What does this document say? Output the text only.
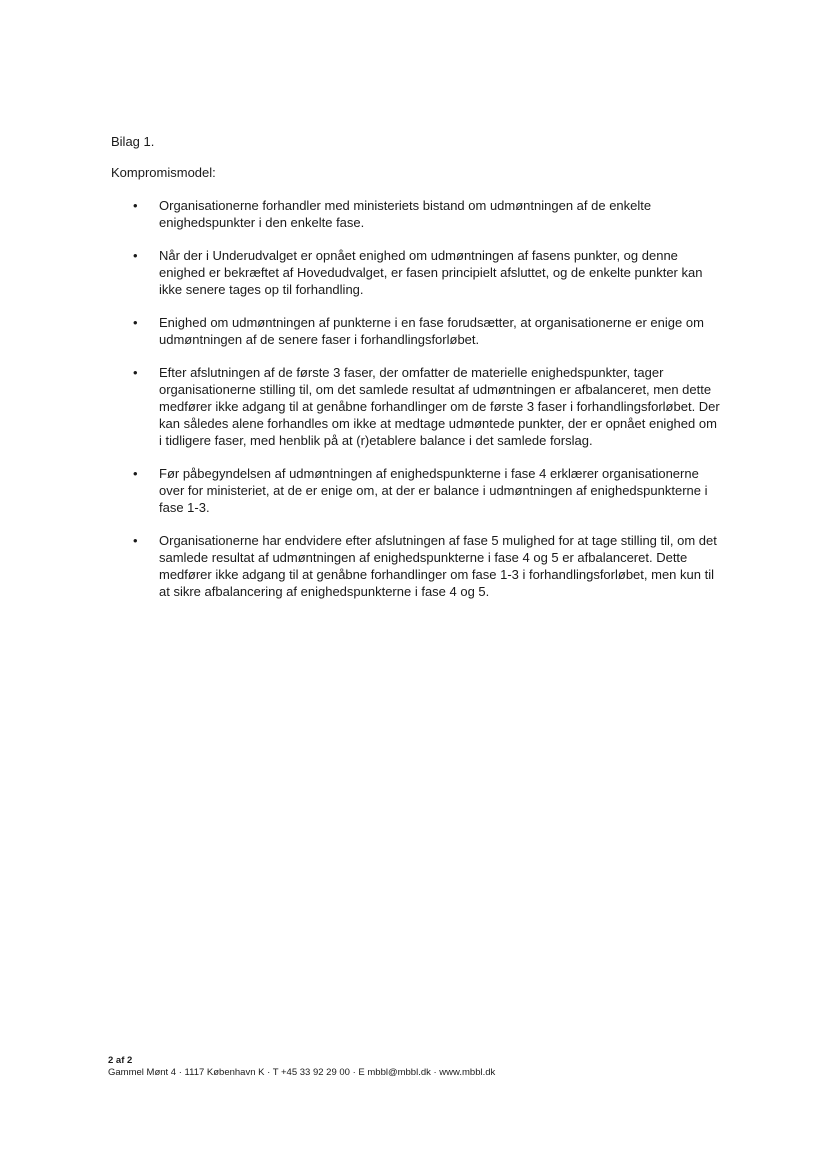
Bilag 1.

Kompromismodel:

• Organisationerne forhandler med ministeriets bistand om udmøntningen af de enkelte enighedspunkter i den enkelte fase.
• Når der i Underudvalget er opnået enighed om udmøntningen af fasens punkter, og denne enighed er bekræftet af Hovedudvalget, er fasen principielt afsluttet, og de enkelte punkter kan ikke senere tages op til forhandling.
• Enighed om udmøntningen af punkterne i en fase forudsætter, at organisationerne er enige om udmøntningen af de senere faser i forhandlingsforløbet.
• Efter afslutningen af de første 3 faser, der omfatter de materielle enighedspunkter, tager organisationerne stilling til, om det samlede resultat af udmøntningen er afbalanceret, men dette medfører ikke adgang til at genåbne forhandlinger om de første 3 faser i forhandlingsforløbet. Der kan således alene forhandles om ikke at medtage udmøntede punkter, der er opnået enighed om i tidligere faser, med henblik på at (r)etablere balance i det samlede forslag.
• Før påbegyndelsen af udmøntningen af enighedspunkterne i fase 4 erklærer organisationerne over for ministeriet, at de er enige om, at der er balance i udmøntningen af enighedspunkterne i fase 1-3.
• Organisationerne har endvidere efter afslutningen af fase 5 mulighed for at tage stilling til, om det samlede resultat af udmøntningen af enighedspunkterne i fase 4 og 5 er afbalanceret. Dette medfører ikke adgang til at genåbne forhandlinger om fase 1-3 i forhandlingsforløbet, men kun til at sikre afbalancering af enighedspunkterne i fase 4 og 5.
2 af 2
Gammel Mønt 4 · 1117 København K · T +45 33 92 29 00 · E mbbl@mbbl.dk · www.mbbl.dk
